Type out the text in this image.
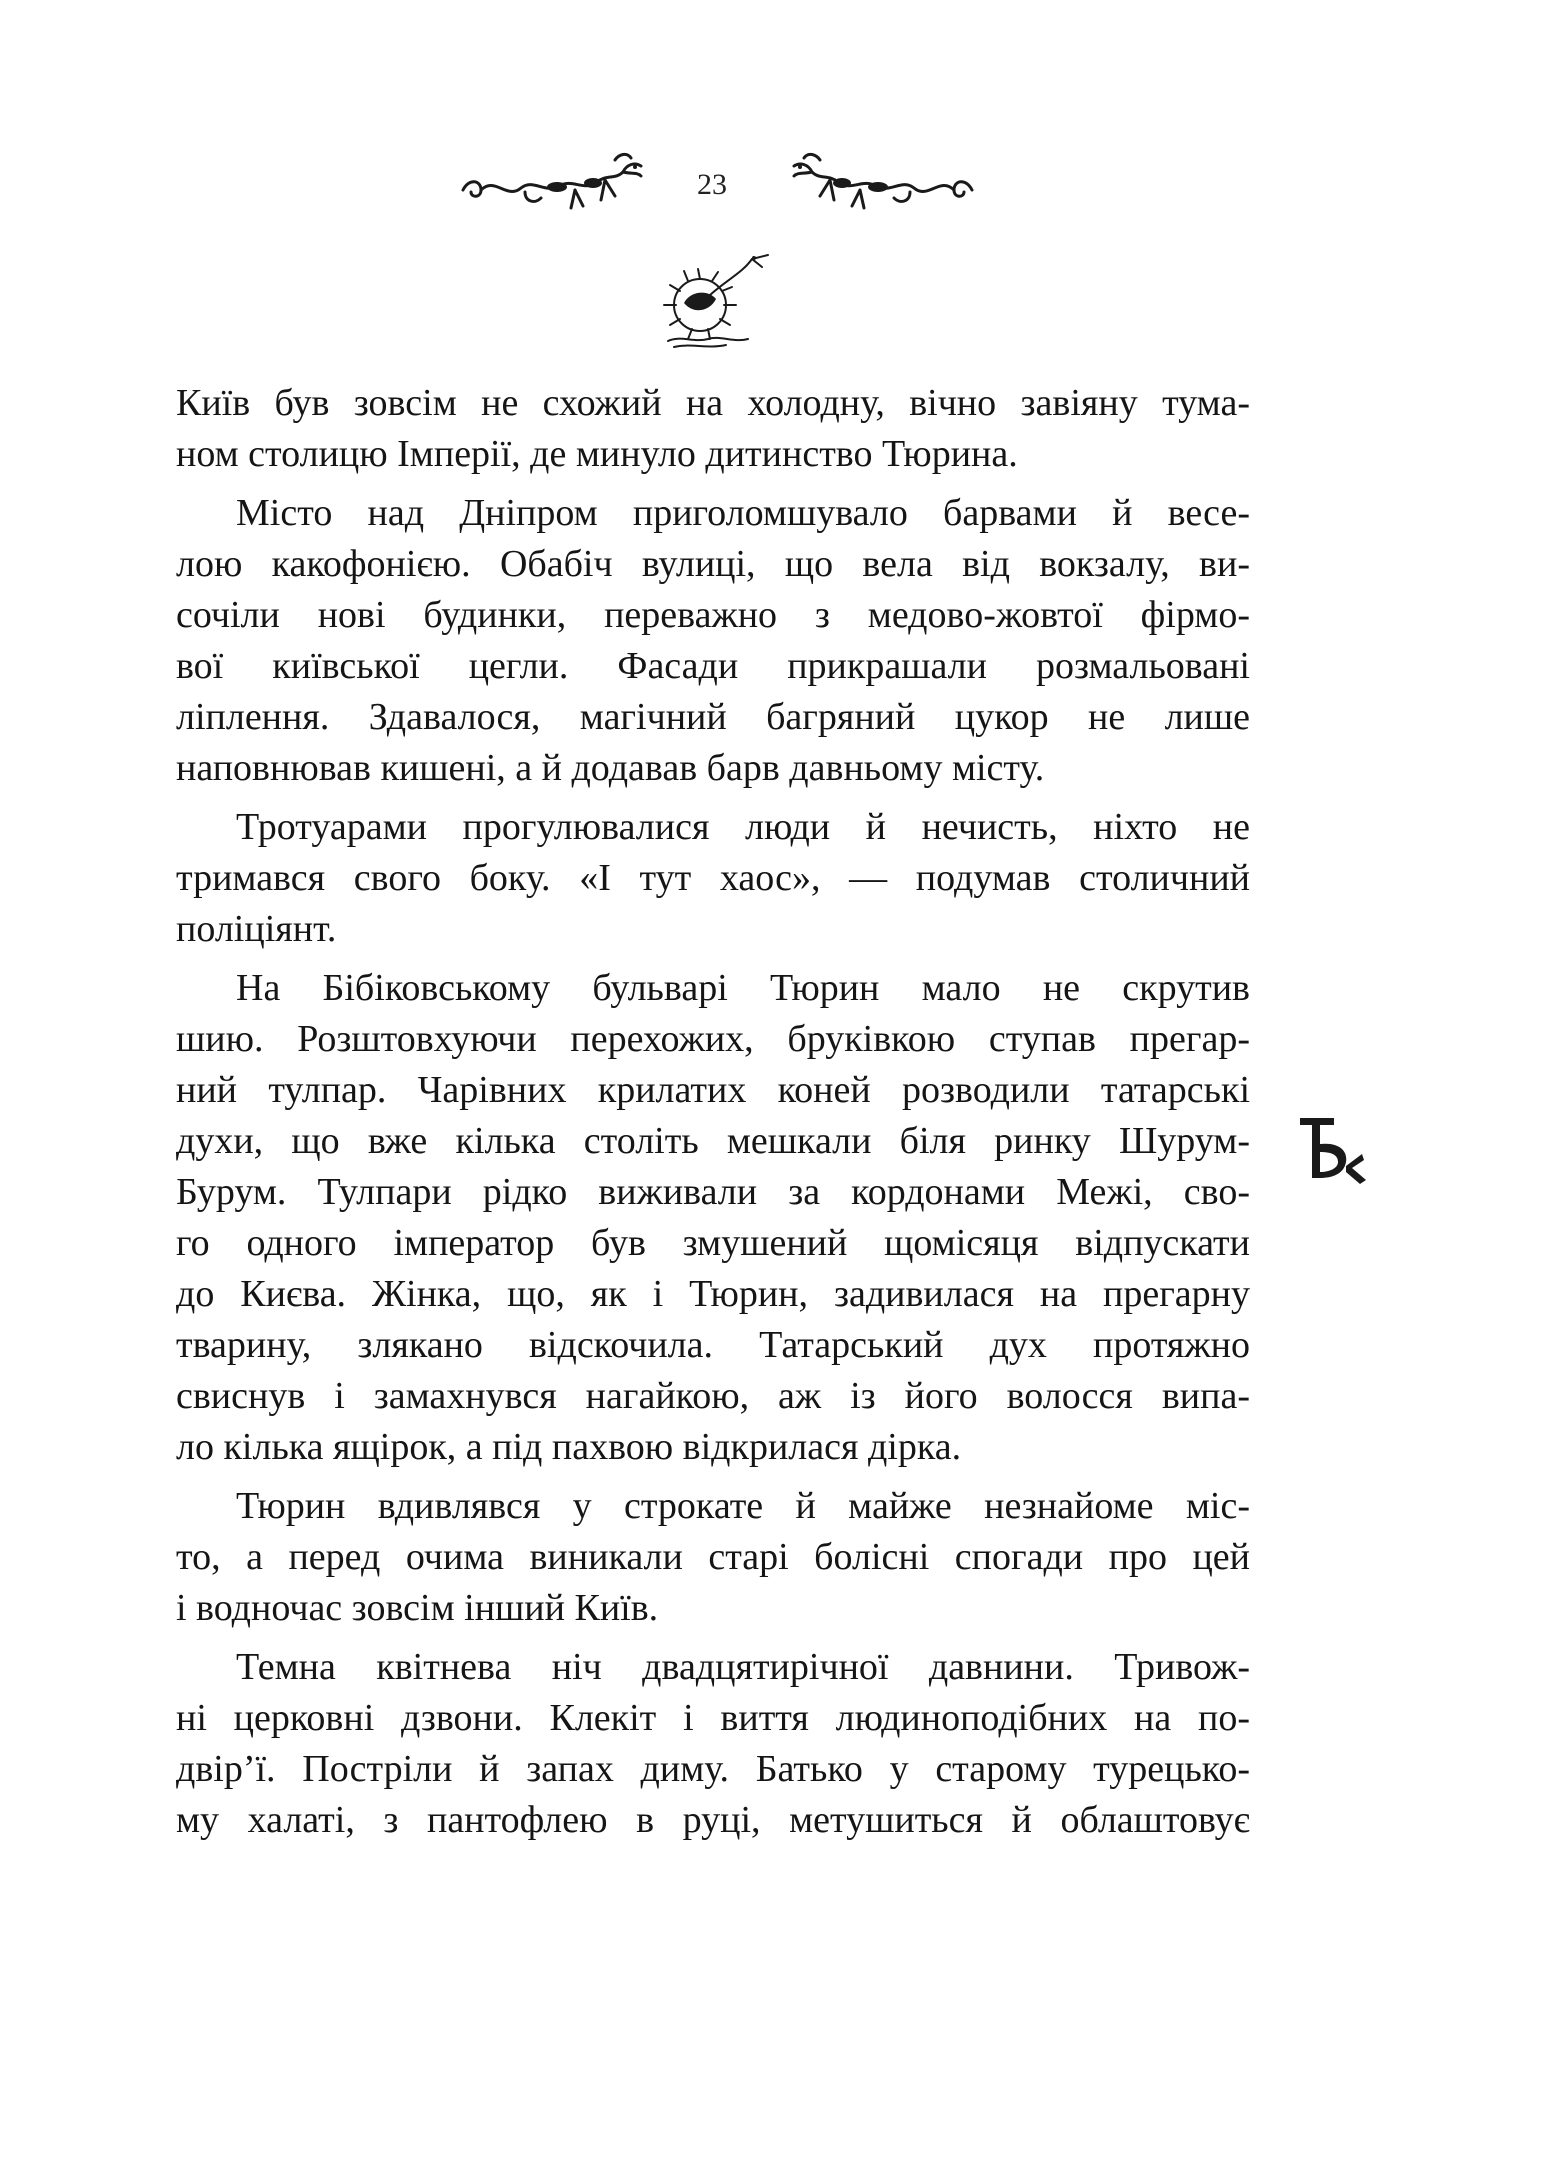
23
Київ був зовсім не схожий на холодну, вічно завіяну тума-
ном столицю Імперії, де минуло дитинство Тюрина.
Місто над Дніпром приголомшувало барвами й весе-
лою какофонією. Обабіч вулиці, що вела від вокзалу, ви-
сочіли нові будинки, переважно з медово-жовтої фірмо-
вої київської цегли. Фасади прикрашали розмальовані
ліплення. Здавалося, магічний багряний цукор не лише
наповнював кишені, а й додавав барв давньому місту.
Тротуарами прогулювалися люди й нечисть, ніхто не
тримався свого боку. «І тут хаос», — подумав столичний
поліціянт.
На Бібіковському бульварі Тюрин мало не скрутив
шию. Розштовхуючи перехожих, бруківкою ступав прегар-
ний тулпар. Чарівних крилатих коней розводили татарські
духи, що вже кілька століть мешкали біля ринку Шурум-
Бурум. Тулпари рідко виживали за кордонами Межі, сво-
го одного імператор був змушений щомісяця відпускати
до Києва. Жінка, що, як і Тюрин, задивилася на прегарну
тварину, злякано відскочила. Татарський дух протяжно
свиснув і замахнувся нагайкою, аж із його волосся випа-
ло кілька ящірок, а під пахвою відкрилася дірка.
Тюрин вдивлявся у строкате й майже незнайоме міс-
то, а перед очима виникали старі болісні спогади про цей
і водночас зовсім інший Київ.
Темна квітнева ніч двадцятирічної давнини. Тривож-
ні церковні дзвони. Клекіт і виття людиноподібних на по-
двір’ї. Постріли й запах диму. Батько у старому турецько-
му халаті, з пантофлею в руці, метушиться й облаштовує
